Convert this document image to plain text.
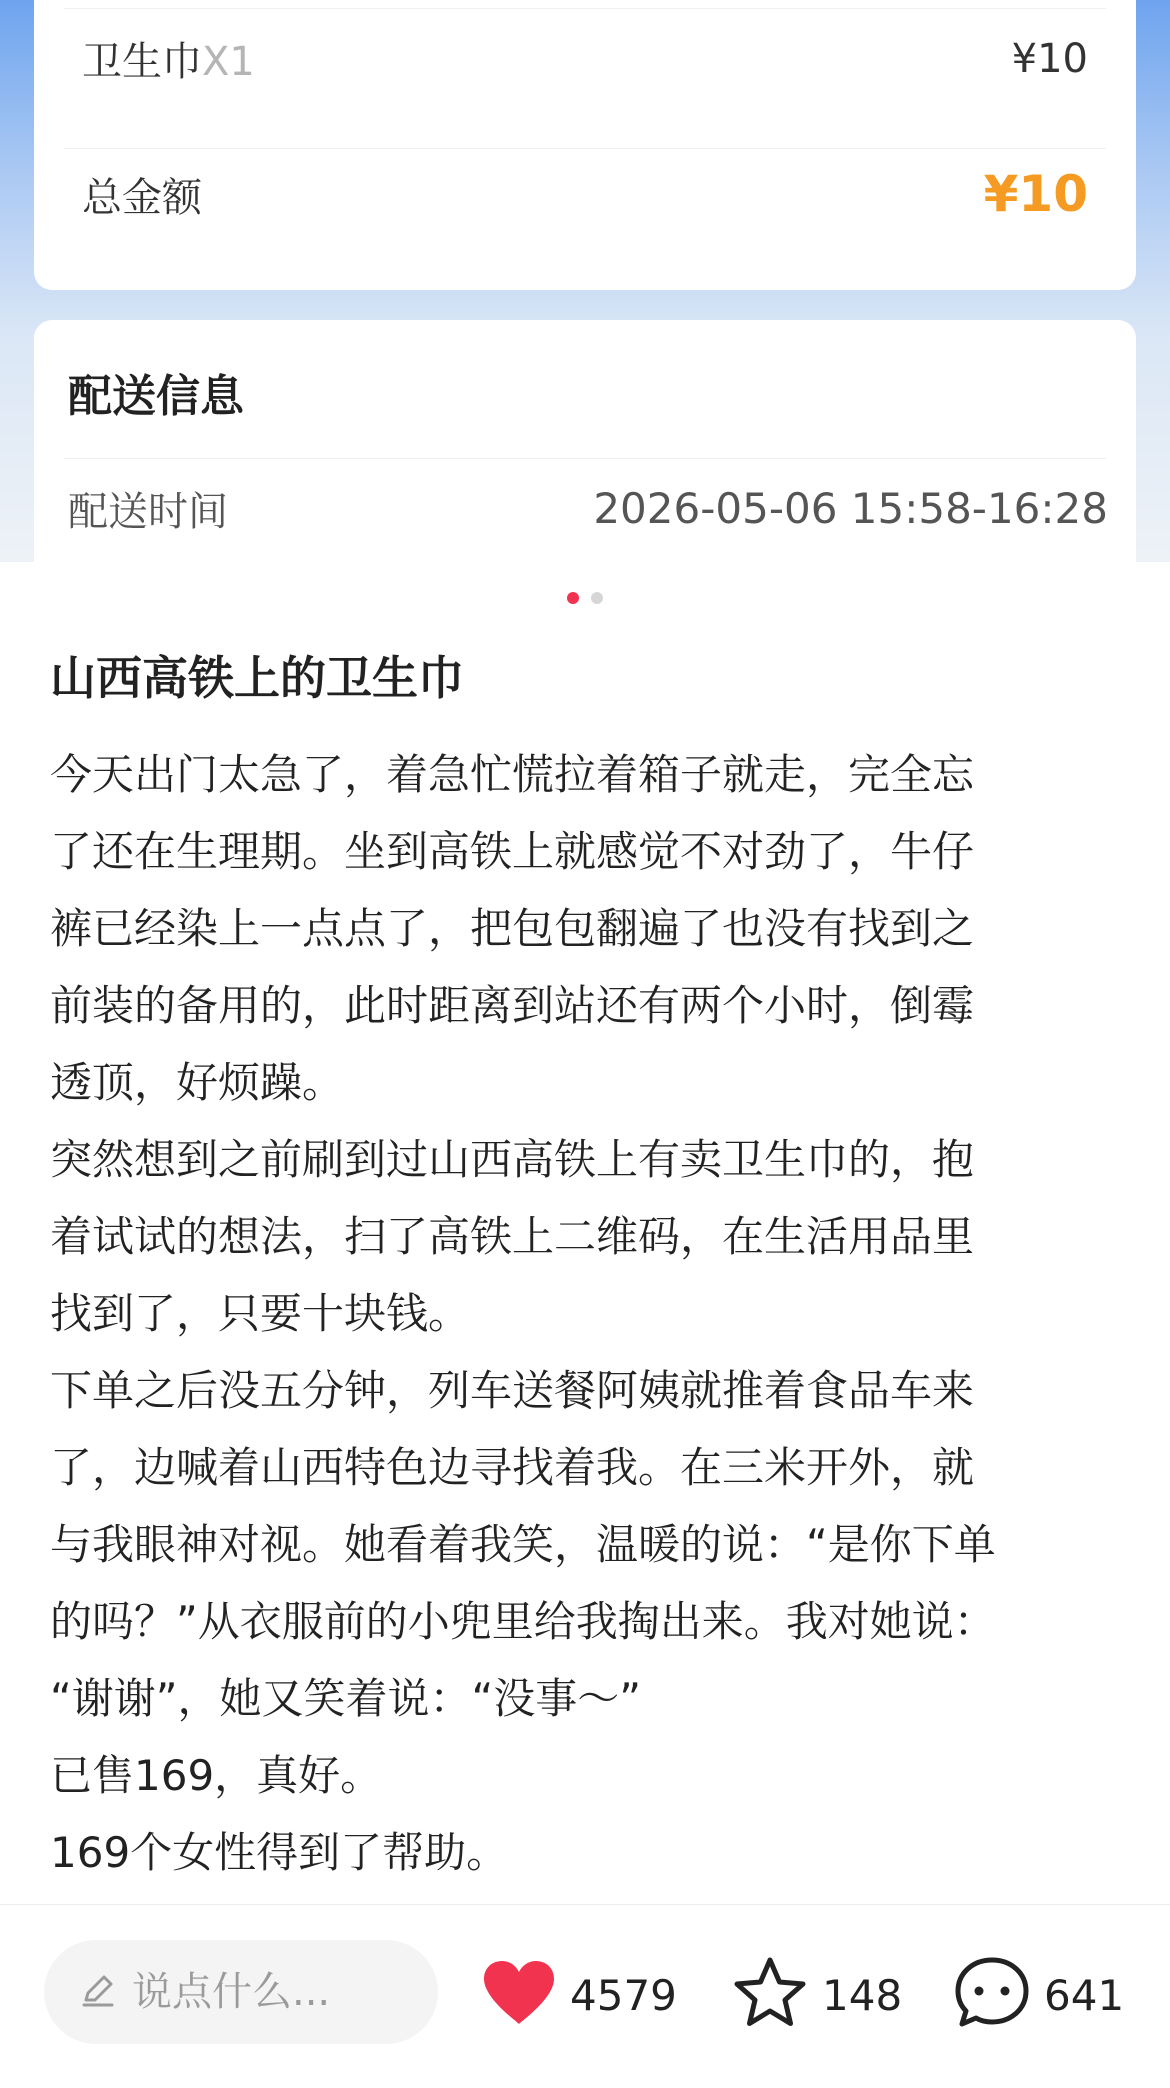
卫生巾X1	¥10
总金额	¥10
配送信息
配送时间	2026-05-06 15:58-16:28
山西高铁上的卫生巾

今天出门太急了，着急忙慌拉着箱子就走，完全忘
了还在生理期。坐到高铁上就感觉不对劲了，牛仔
裤已经染上一点点了，把包包翻遍了也没有找到之
前装的备用的，此时距离到站还有两个小时，倒霉
透顶，好烦躁。

突然想到之前刷到过山西高铁上有卖卫生巾的，抱
着试试的想法，扫了高铁上二维码，在生活用品里
找到了，只要十块钱。

下单之后没五分钟，列车送餐阿姨就推着食品车来
了，边喊着山西特色边寻找着我。在三米开外，就
与我眼神对视。她看着我笑，温暖的说：“是你下单
的吗？”从衣服前的小兜里给我掏出来。我对她说：
“谢谢”，她又笑着说：“没事～”

已售169，真好。

169个女性得到了帮助。

说点什么...
4579	148	641
